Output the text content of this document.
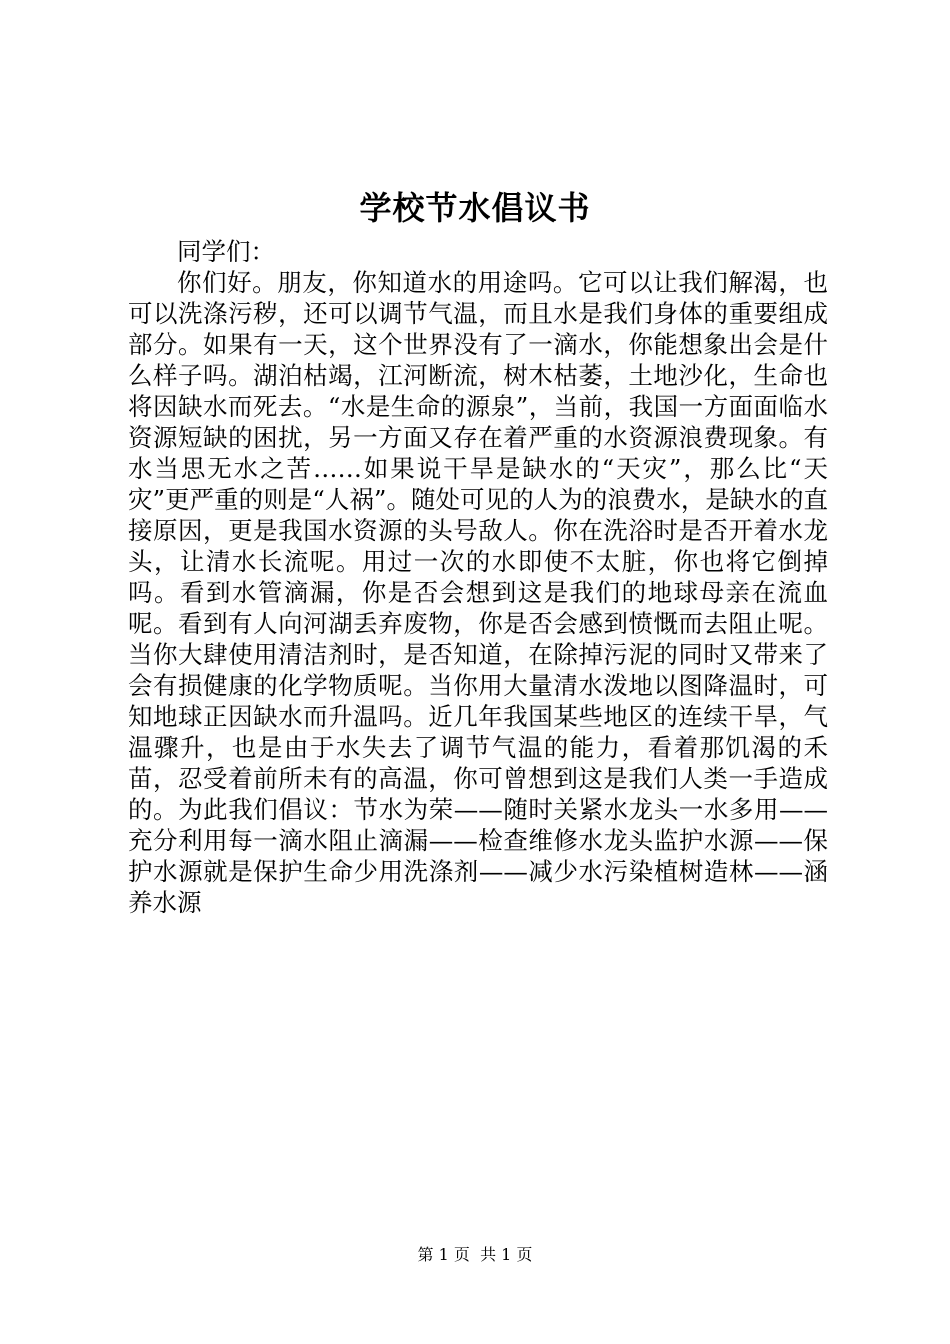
学校节水倡议书

同学们：

你们好。朋友，你知道水的用途吗。它可以让我们解渴，也可以洗涤污秽，还可以调节气温，而且水是我们身体的重要组成部分。如果有一天，这个世界没有了一滴水，你能想象出会是什么样子吗。湖泊枯竭，江河断流，树木枯萎，土地沙化，生命也将因缺水而死去。“水是生命的源泉”，当前，我国一方面面临水资源短缺的困扰，另一方面又存在着严重的水资源浪费现象。有水当思无水之苦……如果说干旱是缺水的“天灾”，那么比“天灾”更严重的则是“人祸”。随处可见的人为的浪费水，是缺水的直接原因，更是我国水资源的头号敌人。你在洗浴时是否开着水龙头，让清水长流呢。用过一次的水即使不太脏，你也将它倒掉吗。看到水管滴漏，你是否会想到这是我们的地球母亲在流血呢。看到有人向河湖丢弃废物，你是否会感到愤慨而去阻止呢。当你大肆使用清洁剂时，是否知道，在除掉污泥的同时又带来了会有损健康的化学物质呢。当你用大量清水泼地以图降温时，可知地球正因缺水而升温吗。近几年我国某些地区的连续干旱，气温骤升，也是由于水失去了调节气温的能力，看着那饥渴的禾苗，忍受着前所未有的高温，你可曾想到这是我们人类一手造成的。为此我们倡议：节水为荣——随时关紧水龙头一水多用——充分利用每一滴水阻止滴漏——检查维修水龙头监护水源——保护水源就是保护生命少用洗涤剂——减少水污染植树造林——涵养水源

第 1 页 共 1 页
